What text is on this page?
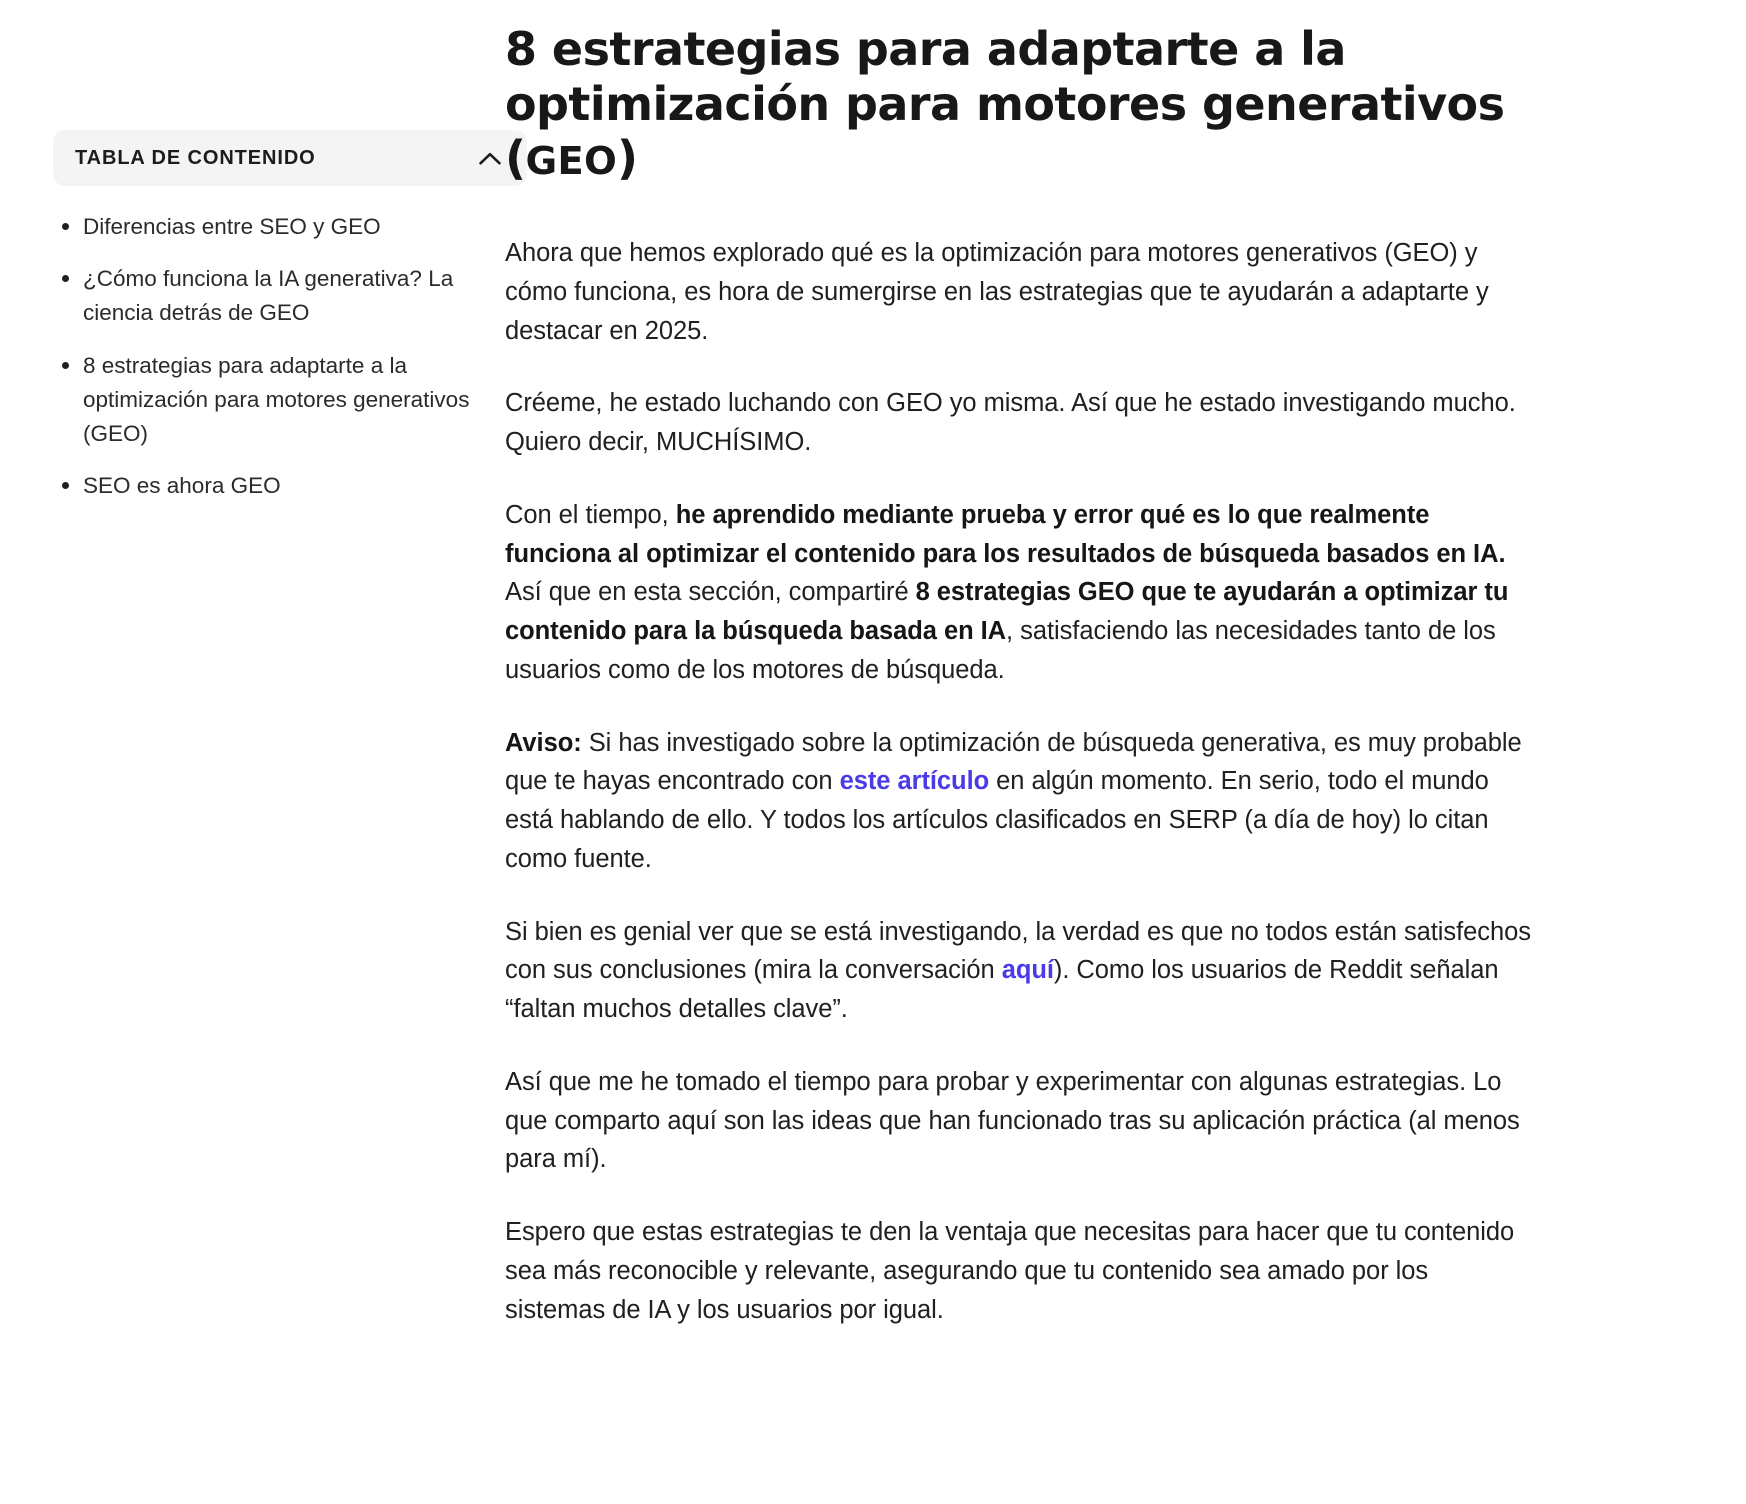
TABLA DE CONTENIDO
Diferencias entre SEO y GEO
¿Cómo funciona la IA generativa? La ciencia detrás de GEO
8 estrategias para adaptarte a la optimización para motores generativos (GEO)
SEO es ahora GEO
8 estrategias para adaptarte a la optimización para motores generativos (GEO)

Ahora que hemos explorado qué es la optimización para motores generativos (GEO) y cómo funciona, es hora de sumergirse en las estrategias que te ayudarán a adaptarte y destacar en 2025.

Créeme, he estado luchando con GEO yo misma. Así que he estado investigando mucho. Quiero decir, MUCHÍSIMO.

Con el tiempo, he aprendido mediante prueba y error qué es lo que realmente funciona al optimizar el contenido para los resultados de búsqueda basados en IA. Así que en esta sección, compartiré 8 estrategias GEO que te ayudarán a optimizar tu contenido para la búsqueda basada en IA, satisfaciendo las necesidades tanto de los usuarios como de los motores de búsqueda.

Aviso: Si has investigado sobre la optimización de búsqueda generativa, es muy probable que te hayas encontrado con este artículo en algún momento. En serio, todo el mundo está hablando de ello. Y todos los artículos clasificados en SERP (a día de hoy) lo citan como fuente.

Si bien es genial ver que se está investigando, la verdad es que no todos están satisfechos con sus conclusiones (mira la conversación aquí). Como los usuarios de Reddit señalan “faltan muchos detalles clave”.

Así que me he tomado el tiempo para probar y experimentar con algunas estrategias. Lo que comparto aquí son las ideas que han funcionado tras su aplicación práctica (al menos para mí).

Espero que estas estrategias te den la ventaja que necesitas para hacer que tu contenido sea más reconocible y relevante, asegurando que tu contenido sea amado por los sistemas de IA y los usuarios por igual.
